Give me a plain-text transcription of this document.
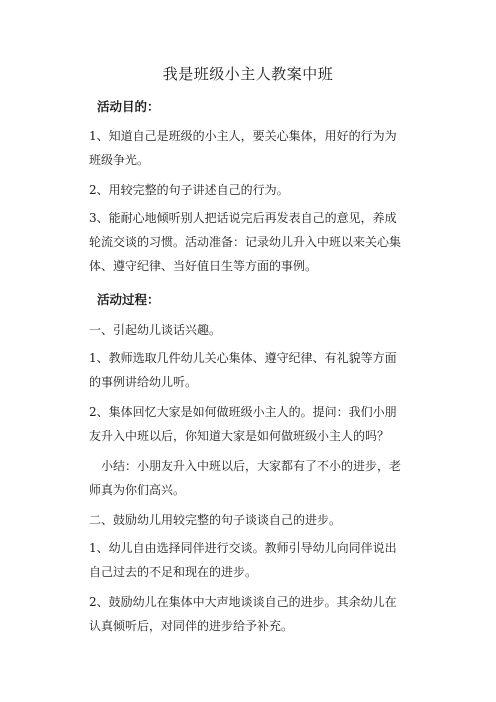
我是班级小主人教案中班
活动目的：
1、知道自己是班级的小主人，要关心集体，用好的行为为班级争光。
2、用较完整的句子讲述自己的行为。
3、能耐心地倾听别人把话说完后再发表自己的意见，养成轮流交谈的习惯。活动准备：记录幼儿升入中班以来关心集体、遵守纪律、当好值日生等方面的事例。
活动过程：
一、引起幼儿谈话兴趣。
1、教师选取几件幼儿关心集体、遵守纪律、有礼貌等方面的事例讲给幼儿听。
2、集体回忆大家是如何做班级小主人的。提问：我们小朋友升入中班以后，你知道大家是如何做班级小主人的吗？
小结：小朋友升入中班以后，大家都有了不小的进步，老师真为你们高兴。
二、鼓励幼儿用较完整的句子谈谈自己的进步。
1、幼儿自由选择同伴进行交谈。教师引导幼儿向同伴说出自己过去的不足和现在的进步。
2、鼓励幼儿在集体中大声地谈谈自己的进步。其余幼儿在认真倾听后，对同伴的进步给予补充。
